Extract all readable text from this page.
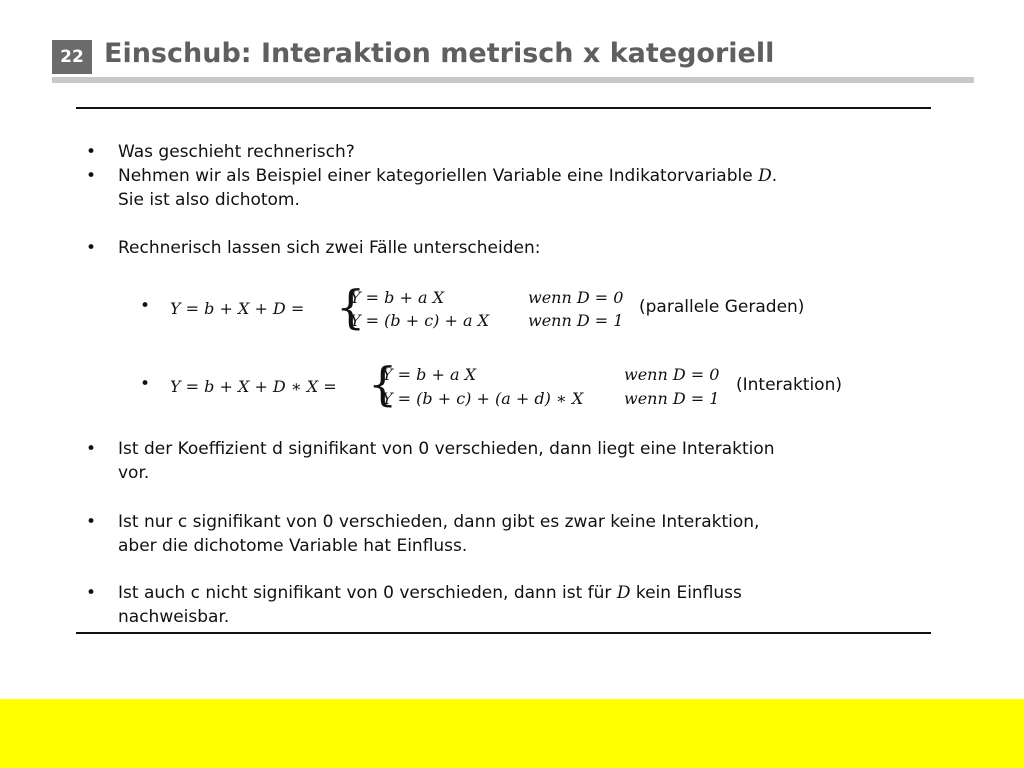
22 Einschub: Interaktion metrisch x kategoriell
• Was geschieht rechnerisch?
• Nehmen wir als Beispiel einer kategoriellen Variable eine Indikatorvariable D.
Sie ist also dichotom.
• Rechnerisch lassen sich zwei Fälle unterscheiden:
• Y = b + X + D = {
Y = b + a X	wenn D = 0
Y = (b + c) + a X wenn D = 1
(parallele Geraden)
• Y = b + X + D ∗ X = {
Y = b + a X	wenn D = 0
Y = (b + c) + (a + d) ∗ X	wenn D = 1
(Interaktion)
• Ist der Koeffizient d signifikant von 0 verschieden, dann liegt eine Interaktion
vor.
• Ist nur c signifikant von 0 verschieden, dann gibt es zwar keine Interaktion,
aber die dichotome Variable hat Einfluss.
• Ist auch c nicht signifikant von 0 verschieden, dann ist für D kein Einfluss
nachweisbar.
